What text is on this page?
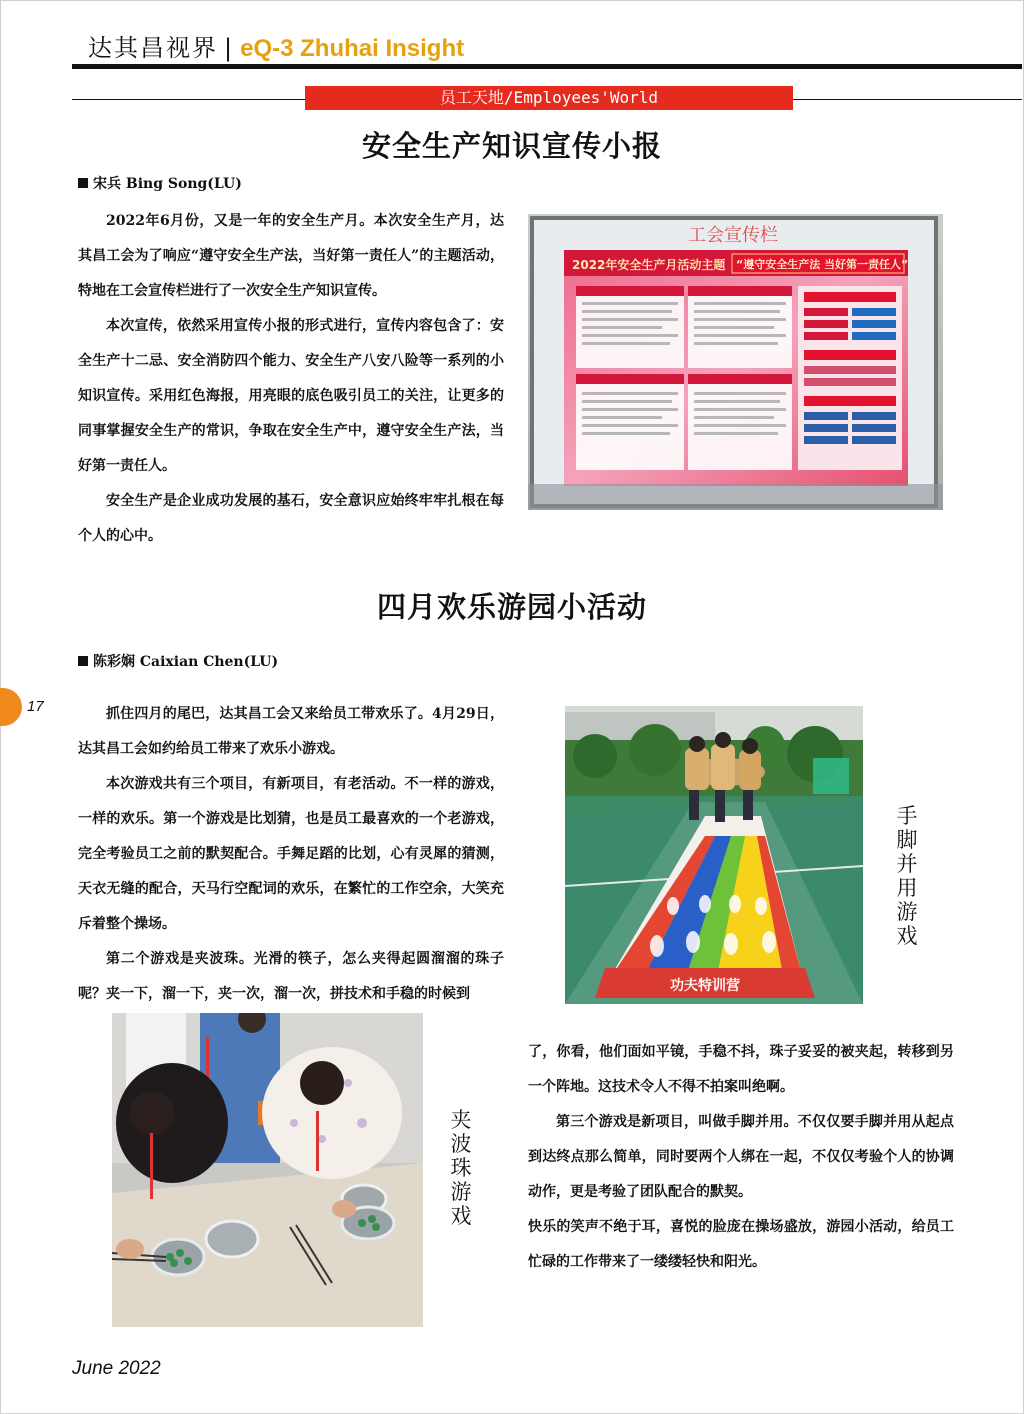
达其昌视界 | eQ-3 Zhuhai Insight
员工天地/Employees'World
安全生产知识宣传小报
宋兵 Bing Song(LU)

2022年6月份，又是一年的安全生产月。本次安全生产月，达其昌工会为了响应“遵守安全生产法，当好第一责任人”的主题活动，特地在工会宣传栏进行了一次安全生产知识宣传。

本次宣传，依然采用宣传小报的形式进行，宣传内容包含了：安全生产十二忌、安全消防四个能力、安全生产八安八险等一系列的小知识宣传。采用红色海报，用亮眼的底色吸引员工的关注，让更多的同事掌握安全生产的常识，争取在安全生产中，遵守安全生产法，当好第一责任人。

安全生产是企业成功发展的基石，安全意识应始终牢牢扎根在每个人的心中。

工会宣传栏
2022年安全生产月活动主题 “遵守安全生产法 当好第一责任人”
四月欢乐游园小活动
陈彩娴 Caixian Chen(LU)

抓住四月的尾巴，达其昌工会又来给员工带欢乐了。4月29日，达其昌工会如约给员工带来了欢乐小游戏。

本次游戏共有三个项目，有新项目，有老活动。不一样的游戏，一样的欢乐。第一个游戏是比划猜，也是员工最喜欢的一个老游戏，完全考验员工之前的默契配合。手舞足蹈的比划，心有灵犀的猜测，天衣无缝的配合，天马行空配词的欢乐，在繁忙的工作空余，大笑充斥着整个操场。

第二个游戏是夹波珠。光滑的筷子，怎么夹得起圆溜溜的珠子呢？夹一下，溜一下，夹一次，溜一次，拼技术和手稳的时候到	功夫特训营
手脚并用游戏
夹波珠游戏

了，你看，他们面如平镜，手稳不抖，珠子妥妥的被夹起，转移到另一个阵地。这技术令人不得不拍案叫绝啊。

第三个游戏是新项目，叫做手脚并用。不仅仅要手脚并用从起点到达终点那么简单，同时要两个人绑在一起，不仅仅考验个人的协调动作，更是考验了团队配合的默契。

快乐的笑声不绝于耳，喜悦的脸庞在操场盛放，游园小活动，给员工忙碌的工作带来了一缕缕轻快和阳光。

17
June 2022
